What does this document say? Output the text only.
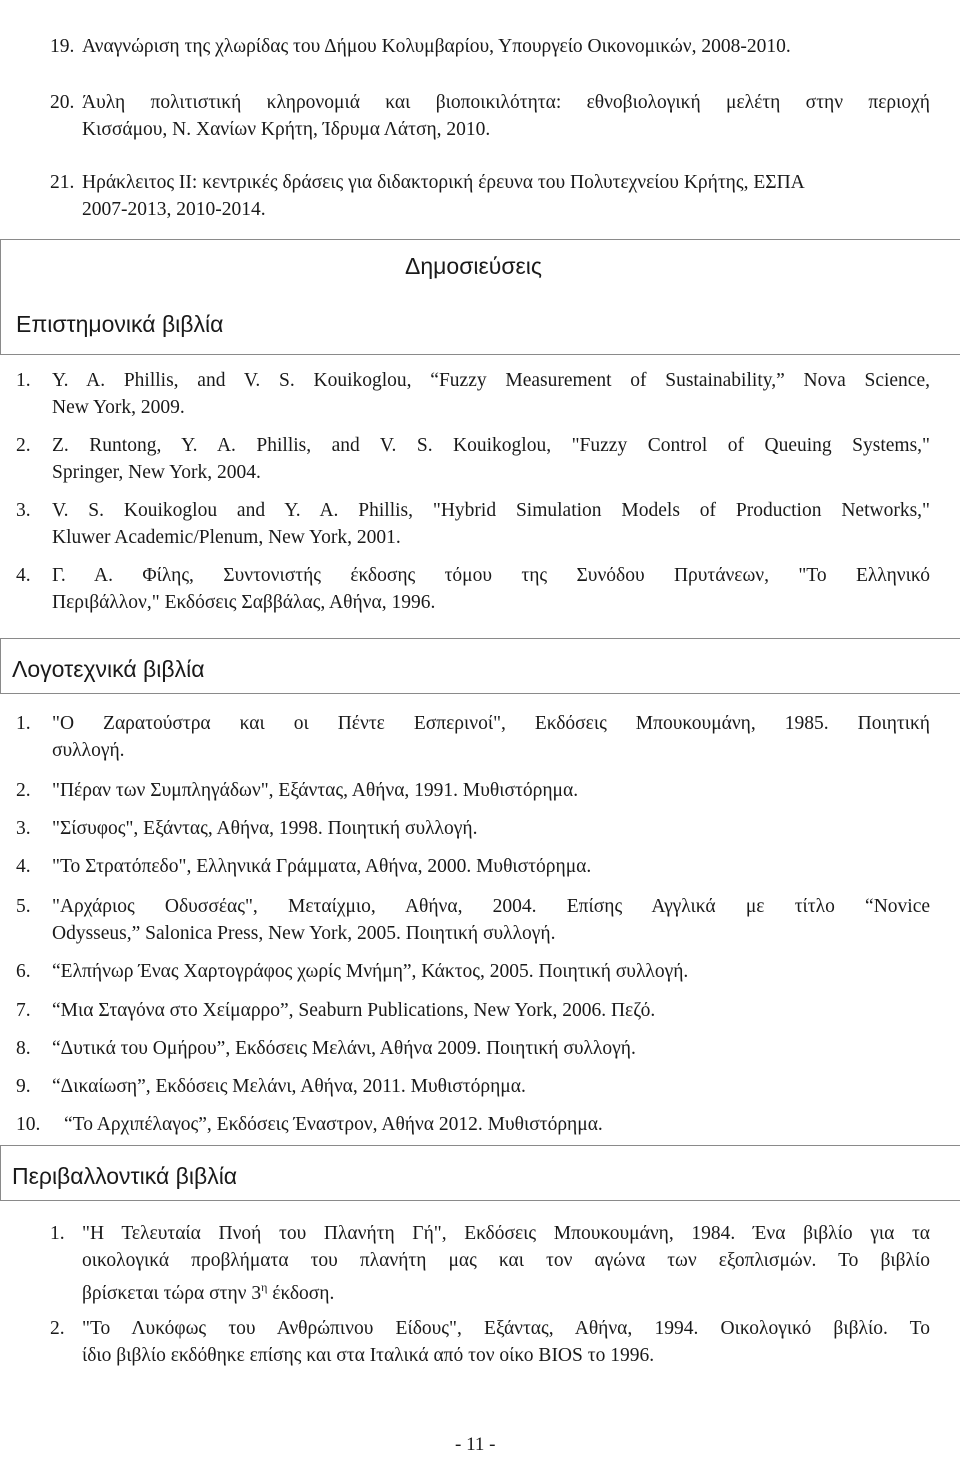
19. Αναγνώριση της χλωρίδας του Δήμου Κολυμβαρίου, Υπουργείο Οικονομικών, 2008-2010.
20. Άυλη πολιτιστική κληρονομιά και βιοποικιλότητα: εθνοβιολογική μελέτη στην περιοχή
Κισσάμου, Ν. Χανίων Κρήτη, Ίδρυμα Λάτση, 2010.
21. Ηράκλειτος ΙΙ: κεντρικές δράσεις για διδακτορική έρευνα του Πολυτεχνείου Κρήτης, ΕΣΠΑ
2007-2013, 2010-2014.
Δημοσιεύσεις
Επιστημονικά βιβλία
1. Y. A. Phillis, and V. S. Kouikoglou, “Fuzzy Measurement of Sustainability,” Nova Science,
New York, 2009.
2. Z. Runtong, Y. A. Phillis, and V. S. Kouikoglou, "Fuzzy Control of Queuing Systems,"
Springer, New York, 2004.
3. V. S. Kouikoglou and Y. A. Phillis, "Hybrid Simulation Models of Production Networks,"
Kluwer Academic/Plenum, New York, 2001.
4. Γ. Α. Φίλης, Συντονιστής έκδοσης τόμου της Συνόδου Πρυτάνεων, "Το Ελληνικό
Περιβάλλον," Εκδόσεις Σαββάλας, Αθήνα, 1996.
Λογοτεχνικά βιβλία
1. "Ο Ζαρατούστρα και οι Πέντε Εσπερινοί", Εκδόσεις Μπουκουμάνη, 1985. Ποιητική
συλλογή.
2. "Πέραν των Συμπληγάδων", Εξάντας, Αθήνα, 1991. Μυθιστόρημα.
3. "Σίσυφος", Εξάντας, Αθήνα, 1998. Ποιητική συλλογή.
4. "Το Στρατόπεδο", Ελληνικά Γράμματα, Αθήνα, 2000. Μυθιστόρημα.
5. "Αρχάριος Οδυσσέας", Μεταίχμιο, Αθήνα, 2004. Επίσης Αγγλικά με τίτλο “Novice
Odysseus,” Salonica Press, New York, 2005. Ποιητική συλλογή.
6. “Ελπήνωρ Ένας Χαρτογράφος χωρίς Μνήμη”, Κάκτος, 2005. Ποιητική συλλογή.
7. “Μια Σταγόνα στο Χείμαρρο”, Seaburn Publications, New York, 2006. Πεζό.
8. “Δυτικά του Ομήρου”, Εκδόσεις Μελάνι, Αθήνα 2009. Ποιητική συλλογή.
9. “Δικαίωση”, Εκδόσεις Μελάνι, Αθήνα, 2011. Μυθιστόρημα.
10. “Το Αρχιπέλαγος”, Εκδόσεις Έναστρον, Αθήνα 2012. Μυθιστόρημα.
Περιβαλλοντικά βιβλία
1. "Η Τελευταία Πνοή του Πλανήτη Γή", Εκδόσεις Μπουκουμάνη, 1984. Ένα βιβλίο για τα
οικολογικά προβλήματα του πλανήτη μας και τον αγώνα των εξοπλισμών. Το βιβλίο
βρίσκεται τώρα στην $3^\eta$ έκδοση.
2. "Το Λυκόφως του Ανθρώπινου Είδους", Εξάντας, Αθήνα, 1994. Οικολογικό βιβλίο. Το
ίδιο βιβλίο εκδόθηκε επίσης και στα Ιταλικά από τον οίκο BIOS το 1996.
- 11 -
